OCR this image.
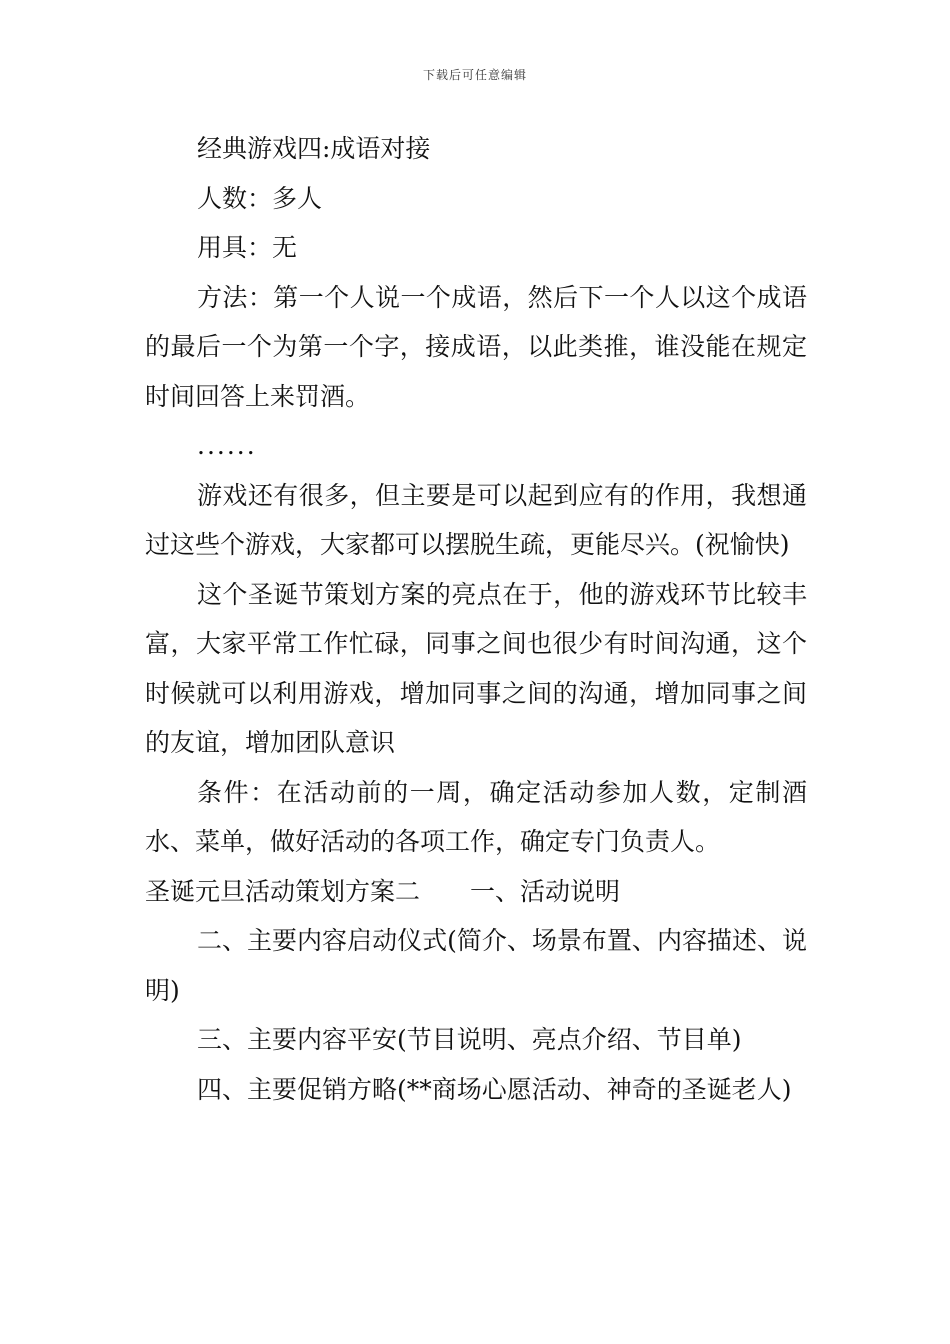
下载后可任意编辑

经典游戏四:成语对接

人数：多人

用具：无

方法：第一个人说一个成语，然后下一个人以这个成语的最后一个为第一个字，接成语，以此类推，谁没能在规定时间回答上来罚酒。

......

游戏还有很多，但主要是可以起到应有的作用，我想通过这些个游戏，大家都可以摆脱生疏，更能尽兴。(祝愉快)

这个圣诞节策划方案的亮点在于，他的游戏环节比较丰富，大家平常工作忙碌，同事之间也很少有时间沟通，这个时候就可以利用游戏，增加同事之间的沟通，增加同事之间的友谊，增加团队意识

条件：在活动前的一周，确定活动参加人数，定制酒水、菜单，做好活动的各项工作，确定专门负责人。

圣诞元旦活动策划方案二　　一、活动说明

二、主要内容启动仪式(简介、场景布置、内容描述、说明)

三、主要内容平安(节目说明、亮点介绍、节目单)

四、主要促销方略(**商场心愿活动、神奇的圣诞老人)
